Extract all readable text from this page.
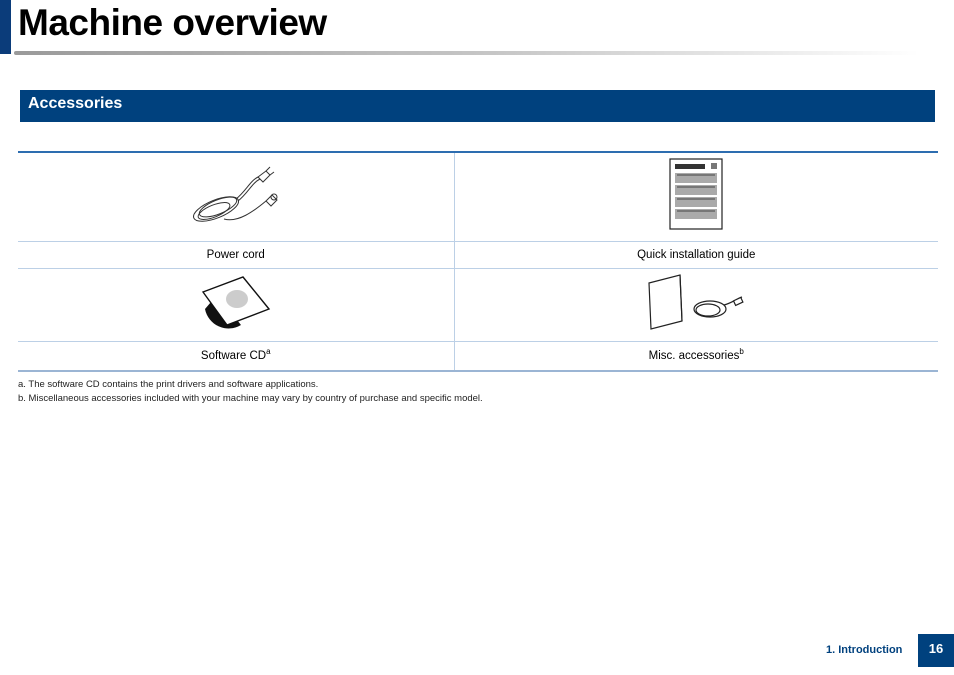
Machine overview
Accessories

Power cord	Quick installation guide

Software $CD^a$	Misc. accessories$^b$
a. The software CD contains the print drivers and software applications.
b. Miscellaneous accessories included with your machine may vary by country of purchase and specific model.
1. Introduction	16
